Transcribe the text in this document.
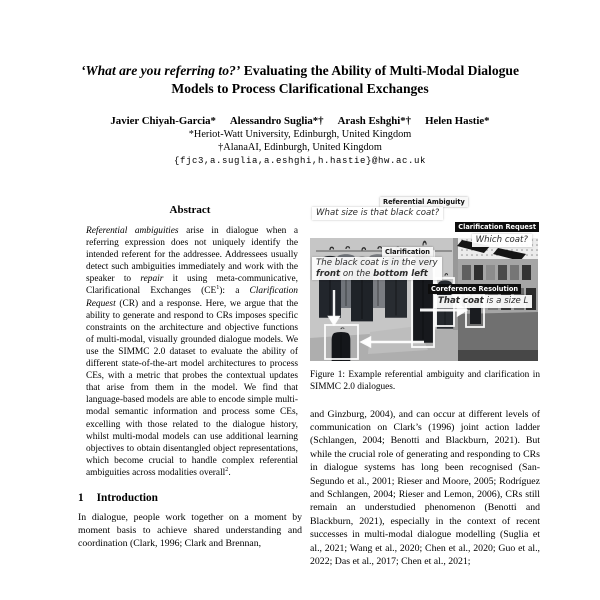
‘What are you referring to?’ Evaluating the Ability of Multi-Modal Dialogue Models to Process Clarificational Exchanges
Javier Chiyah-Garcia* Alessandro Suglia*† Arash Eshghi*† Helen Hastie*
*Heriot-Watt University, Edinburgh, United Kingdom
†AlanaAI, Edinburgh, United Kingdom
{fjc3,a.suglia,a.eshghi,h.hastie}@hw.ac.uk
Abstract

Referential ambiguities arise in dialogue when a referring expression does not uniquely identify the intended referent for the addressee. Addressees usually detect such ambiguities immediately and work with the speaker to repair it using meta-communicative, Clarificational Exchanges $(CE^1)$: a Clarification Request (CR) and a response. Here, we argue that the ability to generate and respond to CRs imposes specific constraints on the architecture and objective functions of multi-modal, visually grounded dialogue models. We use the SIMMC 2.0 dataset to evaluate the ability of different state-of-the-art model architectures to process CEs, with a metric that probes the contextual updates that arise from them in the model. We find that language-based models are able to encode simple multi-modal semantic information and process some CEs, excelling with those related to the dialogue history, whilst multi-modal models can use additional learning objectives to obtain disentangled object representations, which become crucial to handle complex referential ambiguities across modalities overall$^2$.

1 Introduction

In dialogue, people work together on a moment by moment basis to achieve shared understanding and coordination (Clark, 1996; Clark and Brennan,

Referential Ambiguity
What size is that black coat?
Clarification Request
Which coat?
Clarification
The black coat is in the very
front on the bottom left
Coreference Resolution
That coat is a size L

Figure 1: Example referential ambiguity and clarification in SIMMC 2.0 dialogues.

and Ginzburg, 2004), and can occur at different levels of communication on Clark’s (1996) joint action ladder (Schlangen, 2004; Benotti and Blackburn, 2021). But while the crucial role of generating and responding to CRs in dialogue systems has long been recognised (San-Segundo et al., 2001; Rieser and Moore, 2005; Rodríguez and Schlangen, 2004; Rieser and Lemon, 2006), CRs still remain an understudied phenomenon (Benotti and Blackburn, 2021), especially in the context of recent successes in multi-modal dialogue modelling (Suglia et al., 2021; Wang et al., 2020; Chen et al., 2020; Guo et al., 2022; Das et al., 2017; Chen et al., 2021;
